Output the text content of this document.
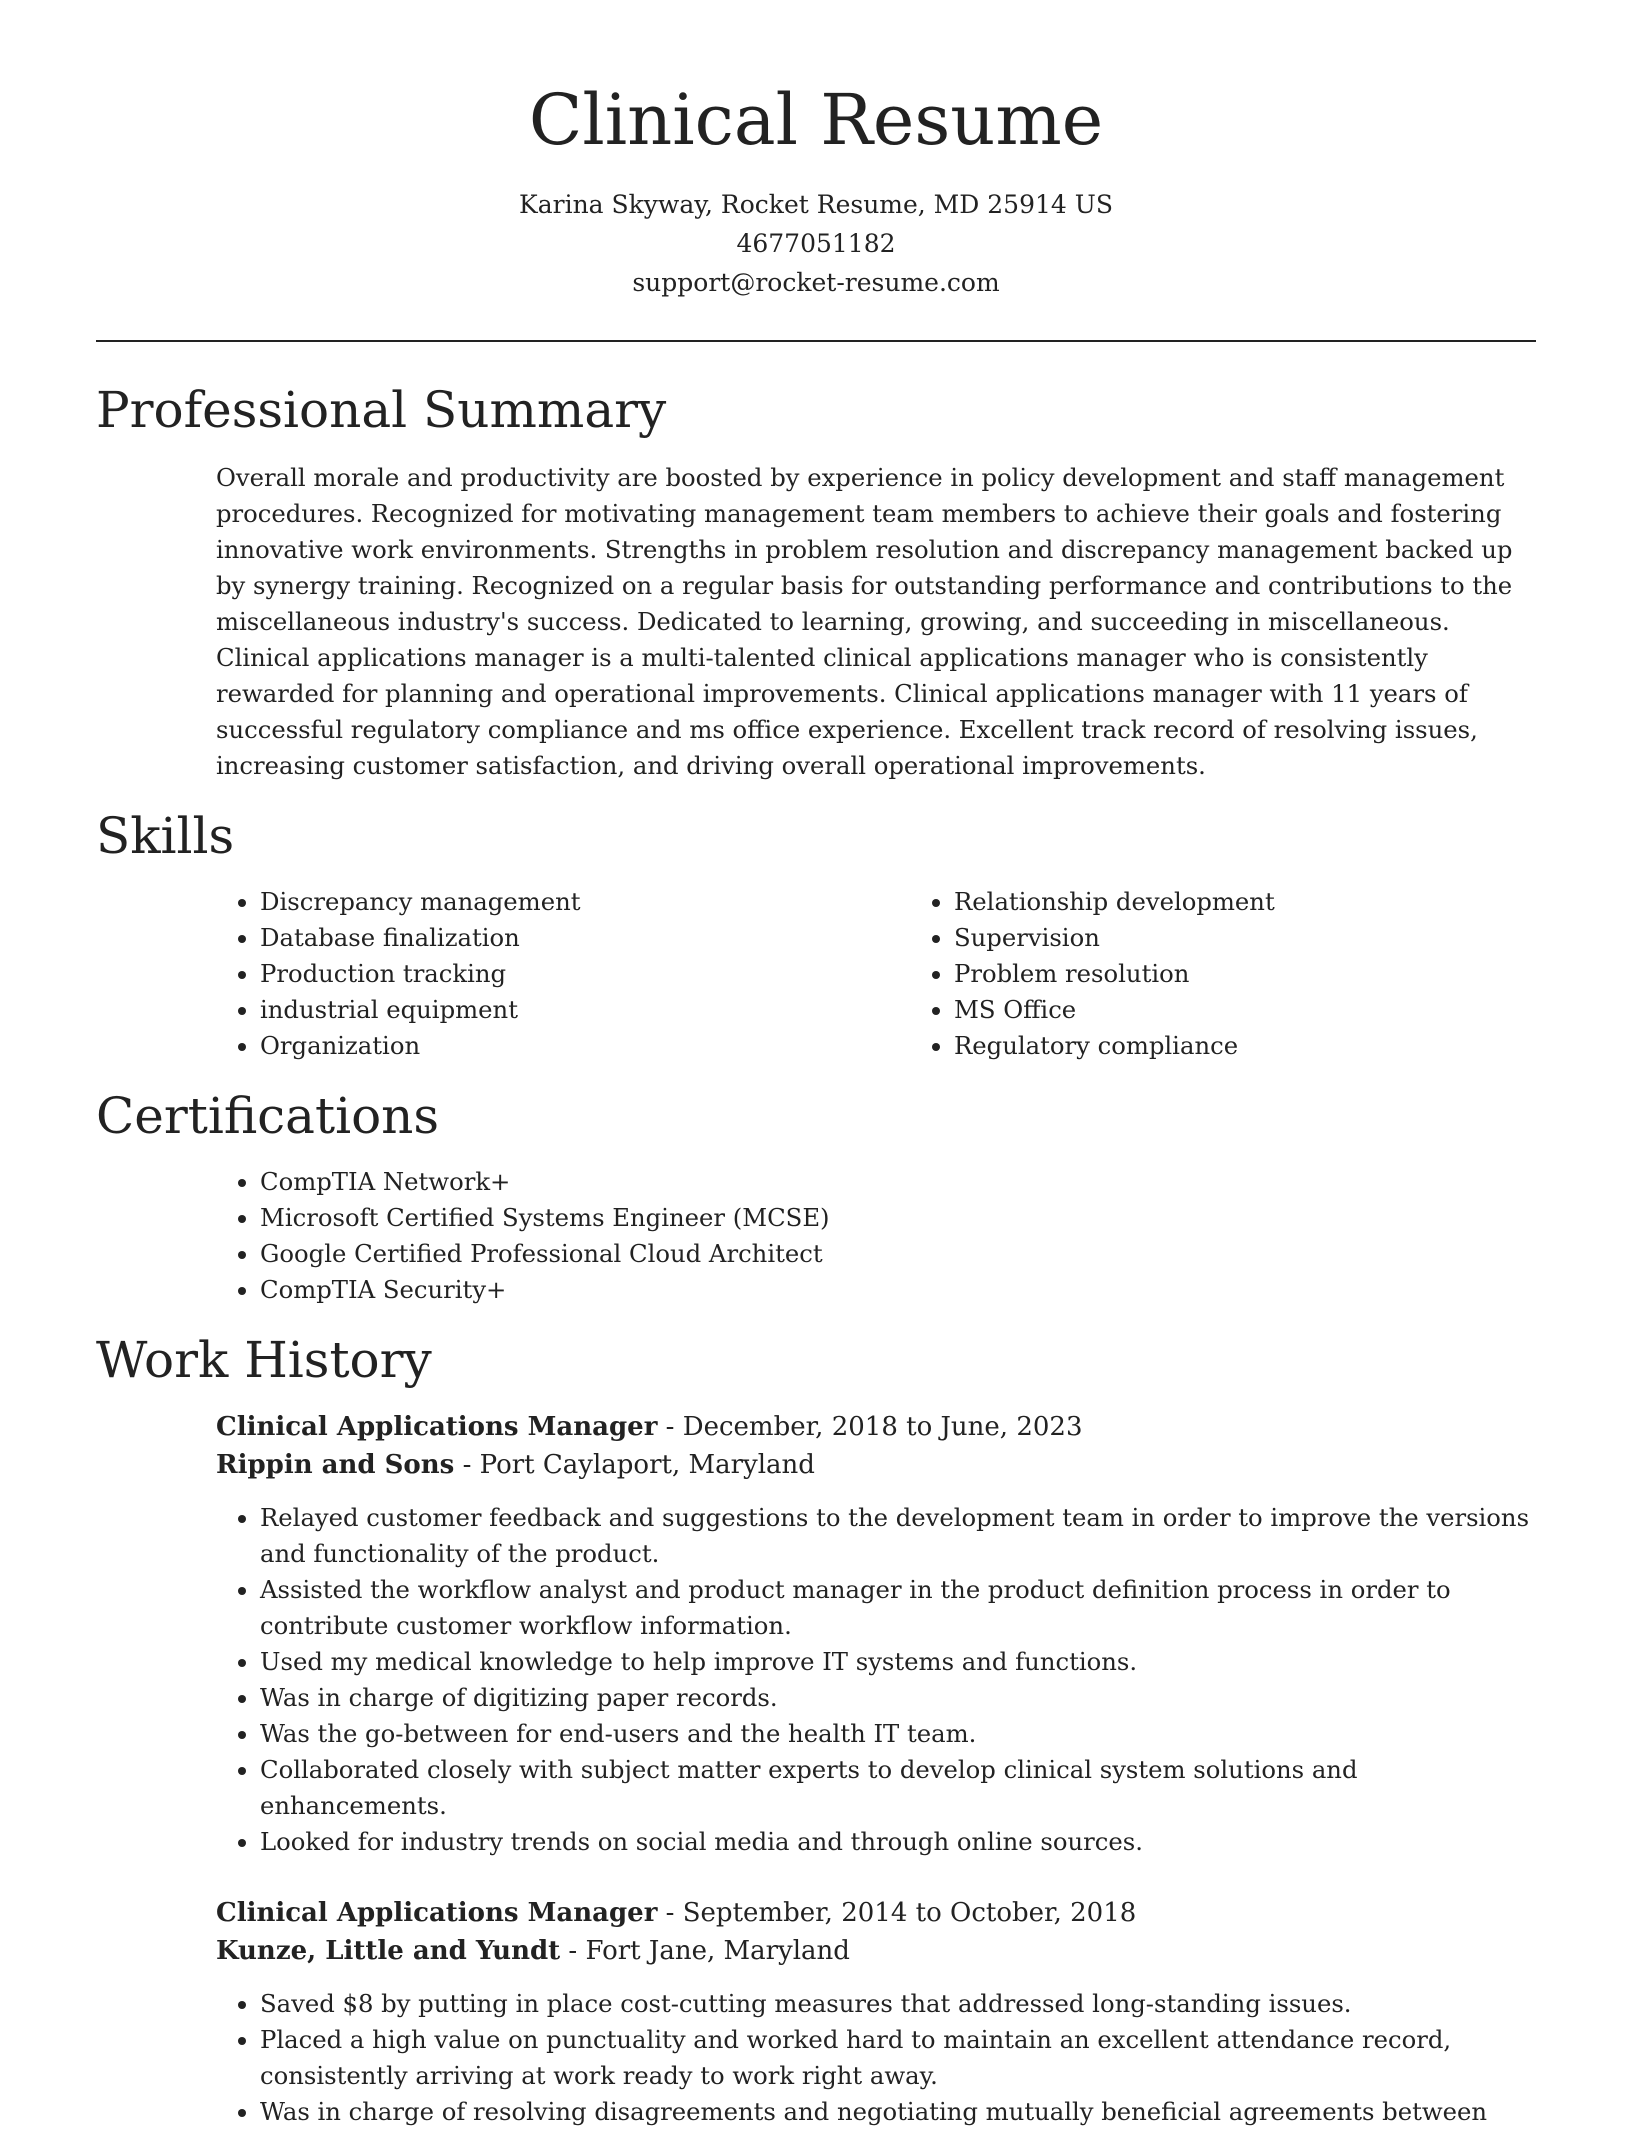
Clinical Resume

Karina Skyway, Rocket Resume, MD 25914 US

4677051182

support@rocket-resume.com

Professional Summary

Overall morale and productivity are boosted by experience in policy development and staff management procedures. Recognized for motivating management team members to achieve their goals and fostering innovative work environments. Strengths in problem resolution and discrepancy management backed up by synergy training. Recognized on a regular basis for outstanding performance and contributions to the miscellaneous industry's success. Dedicated to learning, growing, and succeeding in miscellaneous. Clinical applications manager is a multi-talented clinical applications manager who is consistently rewarded for planning and operational improvements. Clinical applications manager with 11 years of successful regulatory compliance and ms office experience. Excellent track record of resolving issues, increasing customer satisfaction, and driving overall operational improvements.

Skills
• Discrepancy management
• Database finalization
• Production tracking
• industrial equipment
• Organization
• Relationship development
• Supervision
• Problem resolution
• MS Office
• Regulatory compliance
Certifications
• CompTIA Network+
• Microsoft Certified Systems Engineer (MCSE)
• Google Certified Professional Cloud Architect
• CompTIA Security+
Work History

Clinical Applications Manager - December, 2018 to June, 2023

Rippin and Sons - Port Caylaport, Maryland

• Relayed customer feedback and suggestions to the development team in order to improve the versions and functionality of the product.
• Assisted the workflow analyst and product manager in the product definition process in order to contribute customer workflow information.
• Used my medical knowledge to help improve IT systems and functions.
• Was in charge of digitizing paper records.
• Was the go-between for end-users and the health IT team.
• Collaborated closely with subject matter experts to develop clinical system solutions and enhancements.
• Looked for industry trends on social media and through online sources.

Clinical Applications Manager - September, 2014 to October, 2018

Kunze, Little and Yundt - Fort Jane, Maryland

• Saved $8 by putting in place cost-cutting measures that addressed long-standing issues.
• Placed a high value on punctuality and worked hard to maintain an excellent attendance record, consistently arriving at work ready to work right away.
• Was in charge of resolving disagreements and negotiating mutually beneficial agreements between
